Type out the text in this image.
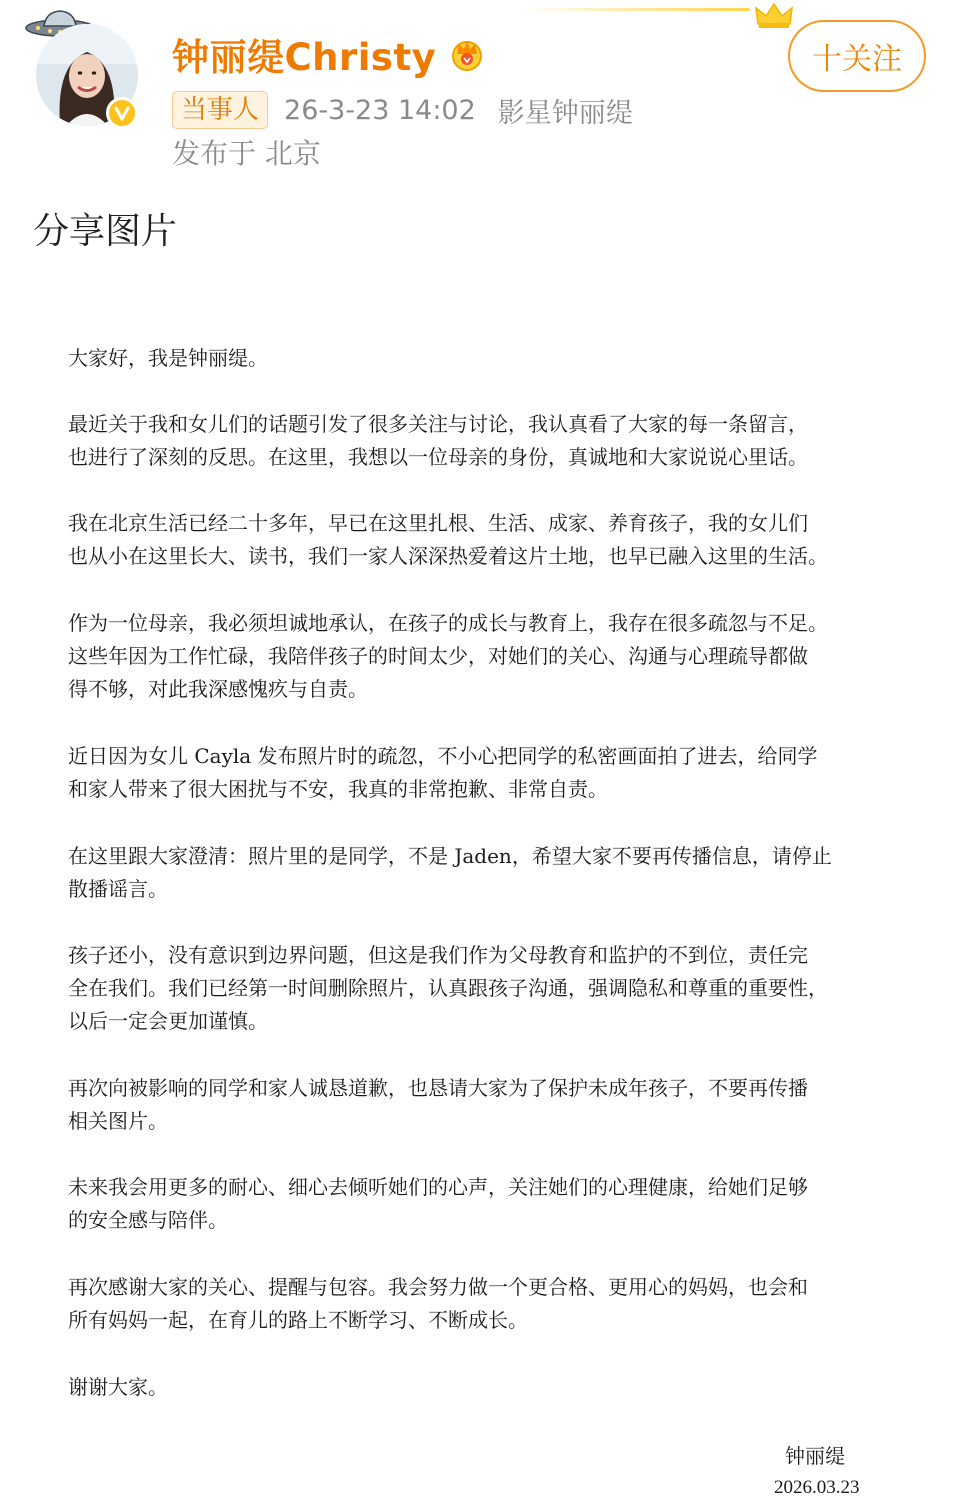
钟丽缇Christy
当事人 26-3-23 14:02 影星钟丽缇
发布于 北京
十关注
分享图片
大家好，我是钟丽缇。
最近关于我和女儿们的话题引发了很多关注与讨论，我认真看了大家的每一条留言，
也进行了深刻的反思。在这里，我想以一位母亲的身份，真诚地和大家说说心里话。
我在北京生活已经二十多年，早已在这里扎根、生活、成家、养育孩子，我的女儿们
也从小在这里长大、读书，我们一家人深深热爱着这片土地，也早已融入这里的生活。
作为一位母亲，我必须坦诚地承认，在孩子的成长与教育上，我存在很多疏忽与不足。
这些年因为工作忙碌，我陪伴孩子的时间太少，对她们的关心、沟通与心理疏导都做
得不够，对此我深感愧疚与自责。
近日因为女儿 Cayla 发布照片时的疏忽，不小心把同学的私密画面拍了进去，给同学
和家人带来了很大困扰与不安，我真的非常抱歉、非常自责。
在这里跟大家澄清：照片里的是同学，不是 Jaden，希望大家不要再传播信息，请停止
散播谣言。
孩子还小，没有意识到边界问题，但这是我们作为父母教育和监护的不到位，责任完
全在我们。我们已经第一时间删除照片，认真跟孩子沟通，强调隐私和尊重的重要性，
以后一定会更加谨慎。
再次向被影响的同学和家人诚恳道歉，也恳请大家为了保护未成年孩子，不要再传播
相关图片。
未来我会用更多的耐心、细心去倾听她们的心声，关注她们的心理健康，给她们足够
的安全感与陪伴。
再次感谢大家的关心、提醒与包容。我会努力做一个更合格、更用心的妈妈，也会和
所有妈妈一起，在育儿的路上不断学习、不断成长。
谢谢大家。
钟丽缇
2026.03.23
